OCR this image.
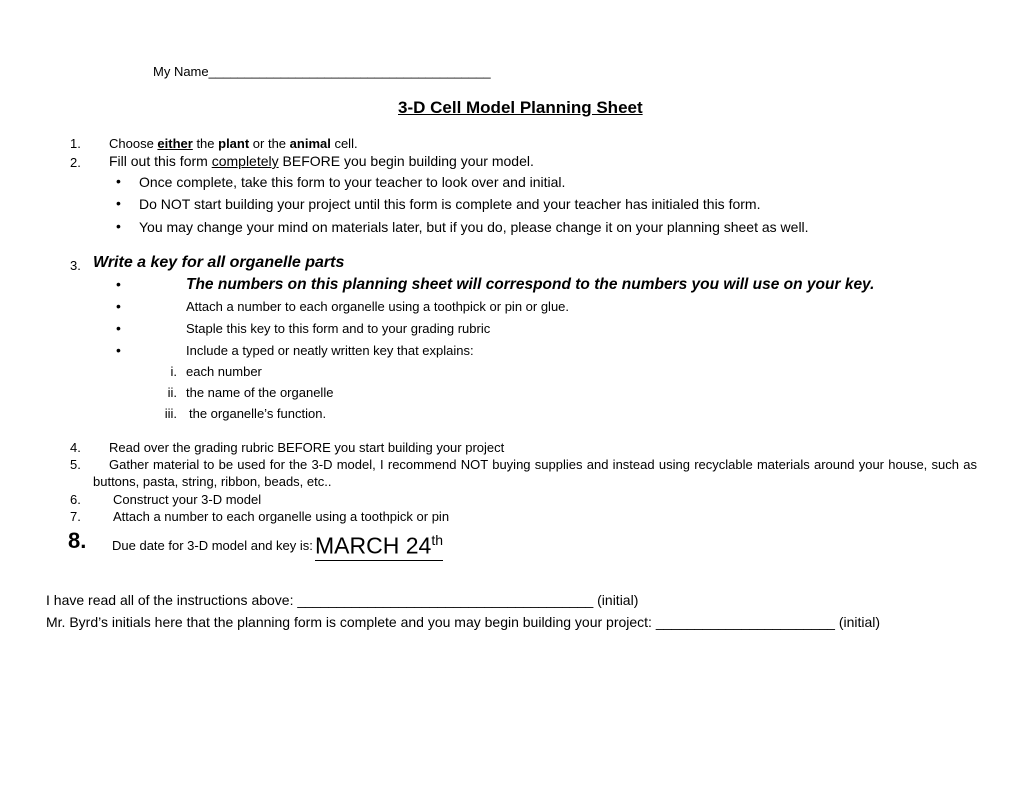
My Name_______________________________________
3-D Cell Model Planning Sheet
1. Choose either the plant or the animal cell.
2. Fill out this form completely BEFORE you begin building your model.
• Once complete, take this form to your teacher to look over and initial.
• Do NOT start building your project until this form is complete and your teacher has initialed this form.
• You may change your mind on materials later, but if you do, please change it on your planning sheet as well.
3. Write a key for all organelle parts
•	The numbers on this planning sheet will correspond to the numbers you will use on your key.
•	Attach a number to each organelle using a toothpick or pin or glue.
•	Staple this key to this form and to your grading rubric
•	Include a typed or neatly written key that explains:
i. each number
ii. the name of the organelle
iii. the organelle’s function.
4. Read over the grading rubric BEFORE you start building your project
5. Gather material to be used for the 3-D model, I recommend NOT buying supplies and instead using recyclable materials around your house, such as
buttons, pasta, string, ribbon, beads, etc..
6. Construct your 3-D model
7. Attach a number to each organelle using a toothpick or pin
8. Due date for 3-D model and key is: MARCH 24th
I have read all of the instructions above: ______________________________________ (initial)
Mr. Byrd’s initials here that the planning form is complete and you may begin building your project: _______________________ (initial)
